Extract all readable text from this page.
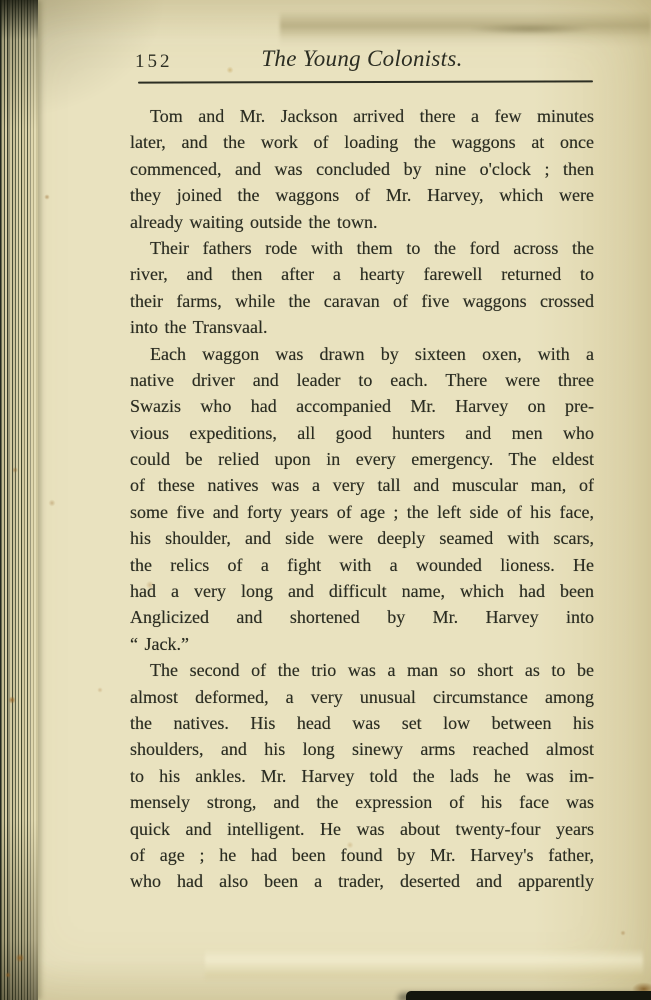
152	The Young Colonists.
Tom and Mr. Jackson arrived there a few minutes
later, and the work of loading the waggons at once
commenced, and was concluded by nine o'clock ; then
they joined the waggons of Mr. Harvey, which were
already waiting outside the town.
Their fathers rode with them to the ford across the
river, and then after a hearty farewell returned to
their farms, while the caravan of five waggons crossed
into the Transvaal.
Each waggon was drawn by sixteen oxen, with a
native driver and leader to each. There were three
Swazis who had accompanied Mr. Harvey on pre-
vious expeditions, all good hunters and men who
could be relied upon in every emergency. The eldest
of these natives was a very tall and muscular man, of
some five and forty years of age ; the left side of his face,
his shoulder, and side were deeply seamed with scars,
the relics of a fight with a wounded lioness. He
had a very long and difficult name, which had been
Anglicized and shortened by Mr. Harvey into
“ Jack.”
The second of the trio was a man so short as to be
almost deformed, a very unusual circumstance among
the natives. His head was set low between his
shoulders, and his long sinewy arms reached almost
to his ankles. Mr. Harvey told the lads he was im-
mensely strong, and the expression of his face was
quick and intelligent. He was about twenty-four years
of age ; he had been found by Mr. Harvey's father,
who had also been a trader, deserted and apparently
